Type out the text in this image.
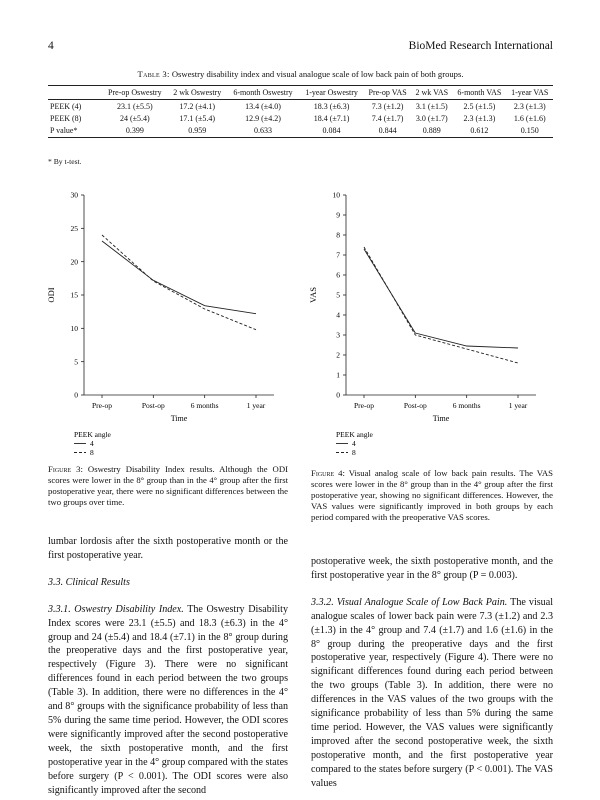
4	BioMed Research International
Table 3: Oswestry disability index and visual analogue scale of low back pain of both groups.
	Pre-op Oswestry	2 wk Oswestry	6-month Oswestry	1-year Oswestry	Pre-op VAS	2 wk VAS	6-month VAS	1-year VAS
PEEK (4)	23.1 (±5.5)	17.2 (±4.1)	13.4 (±4.0)	18.3 (±6.3)	7.3 (±1.2)	3.1 (±1.5)	2.5 (±1.5)	2.3 (±1.3)
PEEK (8)	24 (±5.4)	17.1 (±5.4)	12.9 (±4.2)	18.4 (±7.1)	7.4 (±1.7)	3.0 (±1.7)	2.3 (±1.3)	1.6 (±1.6)
P value*	0.399	0.959	0.633	0.084	0.844	0.889	0.612	0.150
* By t-test.
0
5
10
15
20
25
30
Pre-op	Post-op	6 months	1 year
Time
ODI
PEEK angle
4
8
0
1
2
3
4
5
6
7
8
9
10
Pre-op	Post-op	6 months	1 year
Time
VAS
PEEK angle
4
8
Figure 3: Oswestry Disability Index results. Although the ODI scores were lower in the 8° group than in the 4° group after the first postoperative year, there were no significant differences between the two groups over time.
Figure 4: Visual analog scale of low back pain results. The VAS scores were lower in the 8° group than in the 4° group after the first postoperative year, showing no significant differences. However, the VAS values were significantly improved in both groups by each period compared with the preoperative VAS scores.

lumbar lordosis after the sixth postoperative month or the first postoperative year.

3.3. Clinical Results

3.3.1. Oswestry Disability Index. The Oswestry Disability Index scores were 23.1 (±5.5) and 18.3 (±6.3) in the 4° group and 24 (±5.4) and 18.4 (±7.1) in the 8° group during the preoperative days and the first postoperative year, respectively (Figure 3). There were no significant differences found in each period between the two groups (Table 3). In addition, there were no differences in the 4° and 8° groups with the significance probability of less than 5% during the same time period. However, the ODI scores were significantly improved after the second postoperative week, the sixth postoperative month, and the first postoperative year in the 4° group compared with the states before surgery (P < 0.001). The ODI scores were also significantly improved after the second

postoperative week, the sixth postoperative month, and the first postoperative year in the 8° group (P = 0.003).

3.3.2. Visual Analogue Scale of Low Back Pain. The visual analogue scales of lower back pain were 7.3 (±1.2) and 2.3 (±1.3) in the 4° group and 7.4 (±1.7) and 1.6 (±1.6) in the 8° group during the preoperative days and the first postoperative year, respectively (Figure 4). There were no significant differences found during each period between the two groups (Table 3). In addition, there were no differences in the VAS values of the two groups with the significance probability of less than 5% during the same time period. However, the VAS values were significantly improved after the second postoperative week, the sixth postoperative month, and the first postoperative year compared to the states before surgery (P < 0.001). The VAS values
